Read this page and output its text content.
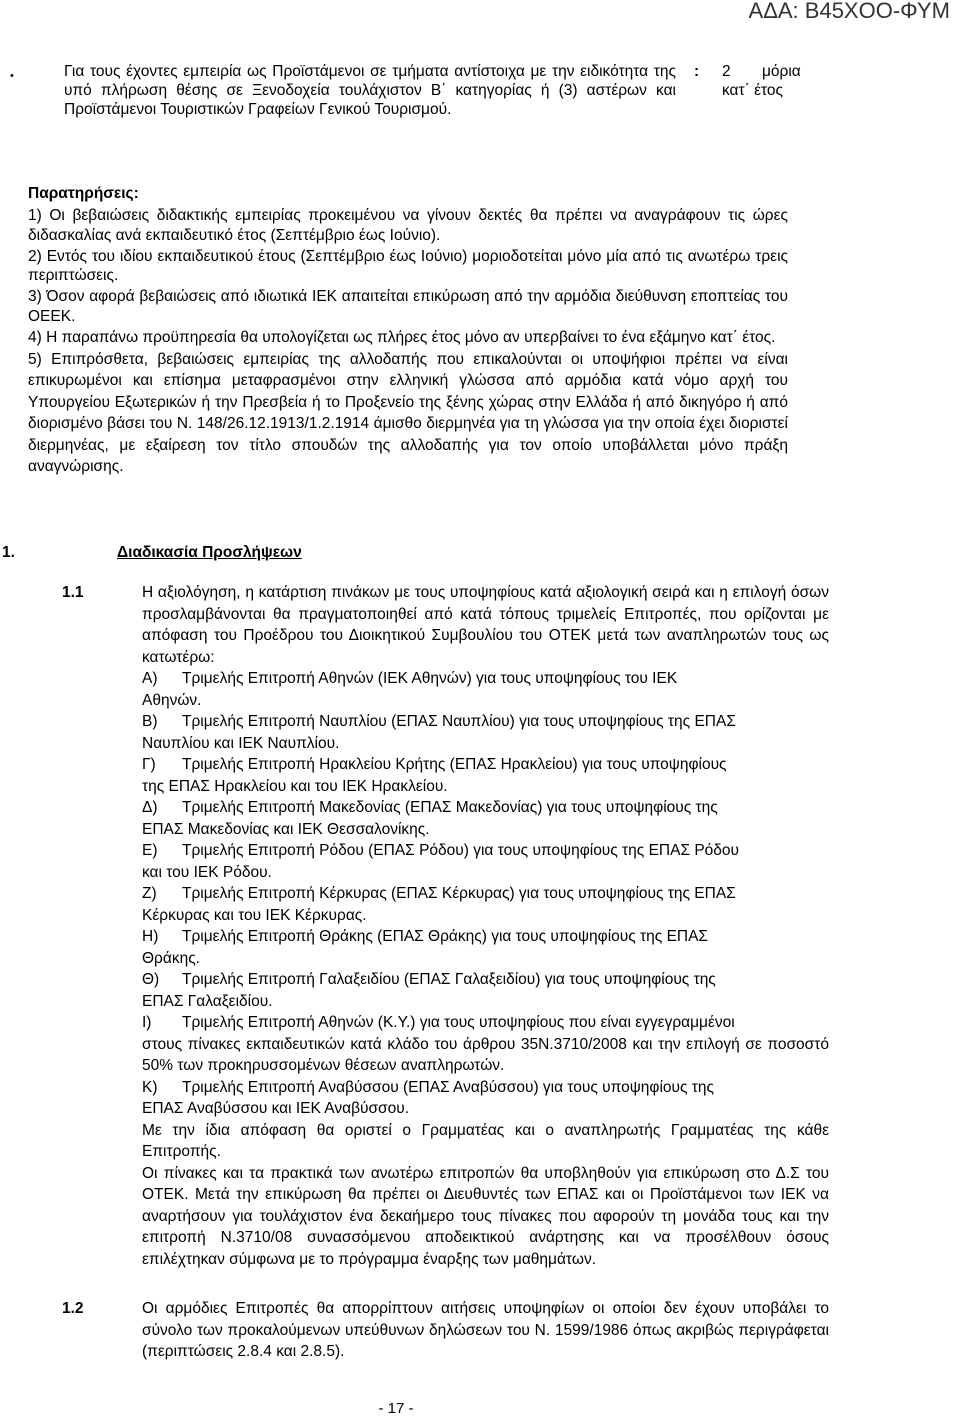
ΑΔΑ: Β45ΧΟΟ-ΦΥΜ
•	Για τους έχοντες εμπειρία ως Προϊστάμενοι σε τμήματα αντίστοιχα με την ειδικότητα της υπό πλήρωση θέσης σε Ξενοδοχεία τουλάχιστον Β΄ κατηγορίας ή (3) αστέρων και Προϊστάμενοι Τουριστικών Γραφείων Γενικού Τουρισμού.
: 2 μόρια
κατ΄ έτος
Παρατηρήσεις:

1) Οι βεβαιώσεις διδακτικής εμπειρίας προκειμένου να γίνουν δεκτές θα πρέπει να αναγράφουν τις ώρες διδασκαλίας ανά εκπαιδευτικό έτος (Σεπτέμβριο έως Ιούνιο).

2) Εντός του ιδίου εκπαιδευτικού έτους (Σεπτέμβριο έως Ιούνιο) μοριοδοτείται μόνο μία από τις ανωτέρω τρεις περιπτώσεις.

3) Όσον αφορά βεβαιώσεις από ιδιωτικά ΙΕΚ απαιτείται επικύρωση από την αρμόδια διεύθυνση εποπτείας του ΟΕΕΚ.

4) Η παραπάνω προϋπηρεσία θα υπολογίζεται ως πλήρες έτος μόνο αν υπερβαίνει το ένα εξάμηνο κατ΄ έτος.

5) Επιπρόσθετα, βεβαιώσεις εμπειρίας της αλλοδαπής που επικαλούνται οι υποψήφιοι πρέπει να είναι επικυρωμένοι και επίσημα μεταφρασμένοι στην ελληνική γλώσσα από αρμόδια κατά νόμο αρχή του Υπουργείου Εξωτερικών ή την Πρεσβεία ή το Προξενείο της ξένης χώρας στην Ελλάδα ή από δικηγόρο ή από διορισμένο βάσει του Ν. 148/26.12.1913/1.2.1914 άμισθο διερμηνέα για τη γλώσσα για την οποία έχει διοριστεί διερμηνέας, με εξαίρεση τον τίτλο σπουδών της αλλοδαπής για τον οποίο υποβάλλεται μόνο πράξη αναγνώρισης.

1.	Διαδικασία Προσλήψεων
1.1	Η αξιολόγηση, η κατάρτιση πινάκων με τους υποψηφίους κατά αξιολογική σειρά και η επιλογή όσων προσλαμβάνονται θα πραγματοποιηθεί από κατά τόπους τριμελείς Επιτροπές, που ορίζονται με απόφαση του Προέδρου του Διοικητικού Συμβουλίου του ΟΤΕΚ μετά των αναπληρωτών τους ως κατωτέρω:

Α)	Τριμελής Επιτροπή Αθηνών (ΙΕΚ Αθηνών) για τους υποψηφίους του ΙΕΚ
Αθηνών.
Β)	Τριμελής Επιτροπή Ναυπλίου (ΕΠΑΣ Ναυπλίου) για τους υποψηφίους της ΕΠΑΣ
Ναυπλίου και ΙΕΚ Ναυπλίου.
Γ)	Τριμελής Επιτροπή Ηρακλείου Κρήτης (ΕΠΑΣ Ηρακλείου) για τους υποψηφίους
της ΕΠΑΣ Ηρακλείου και του ΙΕΚ Ηρακλείου.
Δ)	Τριμελής Επιτροπή Μακεδονίας (ΕΠΑΣ Μακεδονίας) για τους υποψηφίους της
ΕΠΑΣ Μακεδονίας και ΙΕΚ Θεσσαλονίκης.
Ε)	Τριμελής Επιτροπή Ρόδου (ΕΠΑΣ Ρόδου) για τους υποψηφίους της ΕΠΑΣ Ρόδου
και του ΙΕΚ Ρόδου.
Ζ)	Τριμελής Επιτροπή Κέρκυρας (ΕΠΑΣ Κέρκυρας) για τους υποψηφίους της ΕΠΑΣ
Κέρκυρας και του ΙΕΚ Κέρκυρας.
Η)	Τριμελής Επιτροπή Θράκης (ΕΠΑΣ Θράκης) για τους υποψηφίους της ΕΠΑΣ
Θράκης.
Θ)	Τριμελής Επιτροπή Γαλαξειδίου (ΕΠΑΣ Γαλαξειδίου) για τους υποψηφίους της
ΕΠΑΣ Γαλαξειδίου.
Ι)	Τριμελής Επιτροπή Αθηνών (Κ.Υ.) για τους υποψηφίους που είναι εγγεγραμμένοι
στους πίνακες εκπαιδευτικών κατά κλάδο του άρθρου 35Ν.3710/2008 και την επιλογή σε ποσοστό 50% των προκηρυσσομένων θέσεων αναπληρωτών.
Κ)	Τριμελής Επιτροπή Αναβύσσου (ΕΠΑΣ Αναβύσσου) για τους υποψηφίους της
ΕΠΑΣ Αναβύσσου και ΙΕΚ Αναβύσσου.

Με την ίδια απόφαση θα οριστεί ο Γραμματέας και ο αναπληρωτής Γραμματέας της κάθε Επιτροπής.

Οι πίνακες και τα πρακτικά των ανωτέρω επιτροπών θα υποβληθούν για επικύρωση στο Δ.Σ του ΟΤΕΚ. Μετά την επικύρωση θα πρέπει οι Διευθυντές των ΕΠΑΣ και οι Προϊστάμενοι των ΙΕΚ να αναρτήσουν για τουλάχιστον ένα δεκαήμερο τους πίνακες που αφορούν τη μονάδα τους και την επιτροπή Ν.3710/08 συνασσόμενου αποδεικτικού ανάρτησης και να προσέλθουν όσους επιλέχτηκαν σύμφωνα με το πρόγραμμα έναρξης των μαθημάτων.

1.2	Οι αρμόδιες Επιτροπές θα απορρίπτουν αιτήσεις υποψηφίων οι οποίοι δεν έχουν υποβάλει το σύνολο των προκαλούμενων υπεύθυνων δηλώσεων του Ν. 1599/1986 όπως ακριβώς περιγράφεται (περιπτώσεις 2.8.4 και 2.8.5).
- 17 -
